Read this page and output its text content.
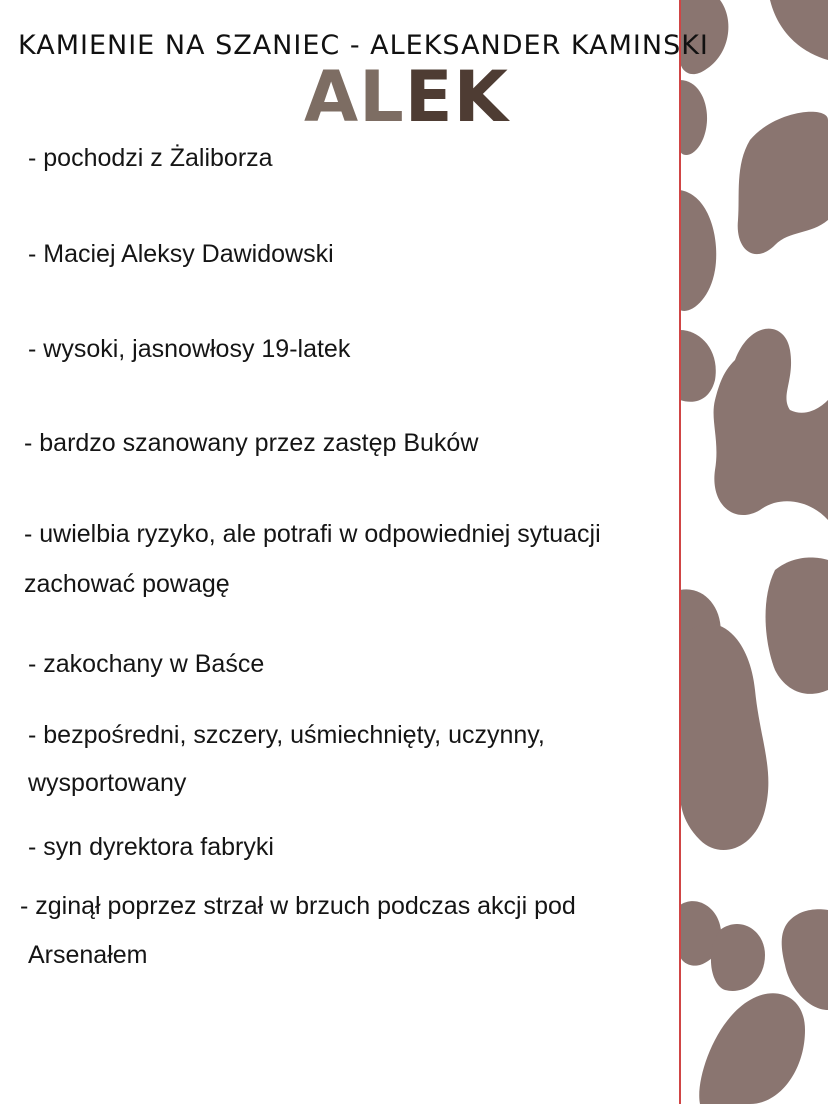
KAMIENIE NA SZANIEC - ALEKSANDER KAMINSKI
ALEK
- pochodzi z Żaliborza
- Maciej Aleksy Dawidowski
- wysoki, jasnowłosy 19-latek
- bardzo szanowany przez zastęp Buków
- uwielbia ryzyko, ale potrafi w odpowiedniej sytuacji
zachować powagę
- zakochany w Baśce
- bezpośredni, szczery, uśmiechnięty, uczynny,
wysportowany
- syn dyrektora fabryki
- zginął poprzez strzał w brzuch podczas akcji pod
Arsenałem
